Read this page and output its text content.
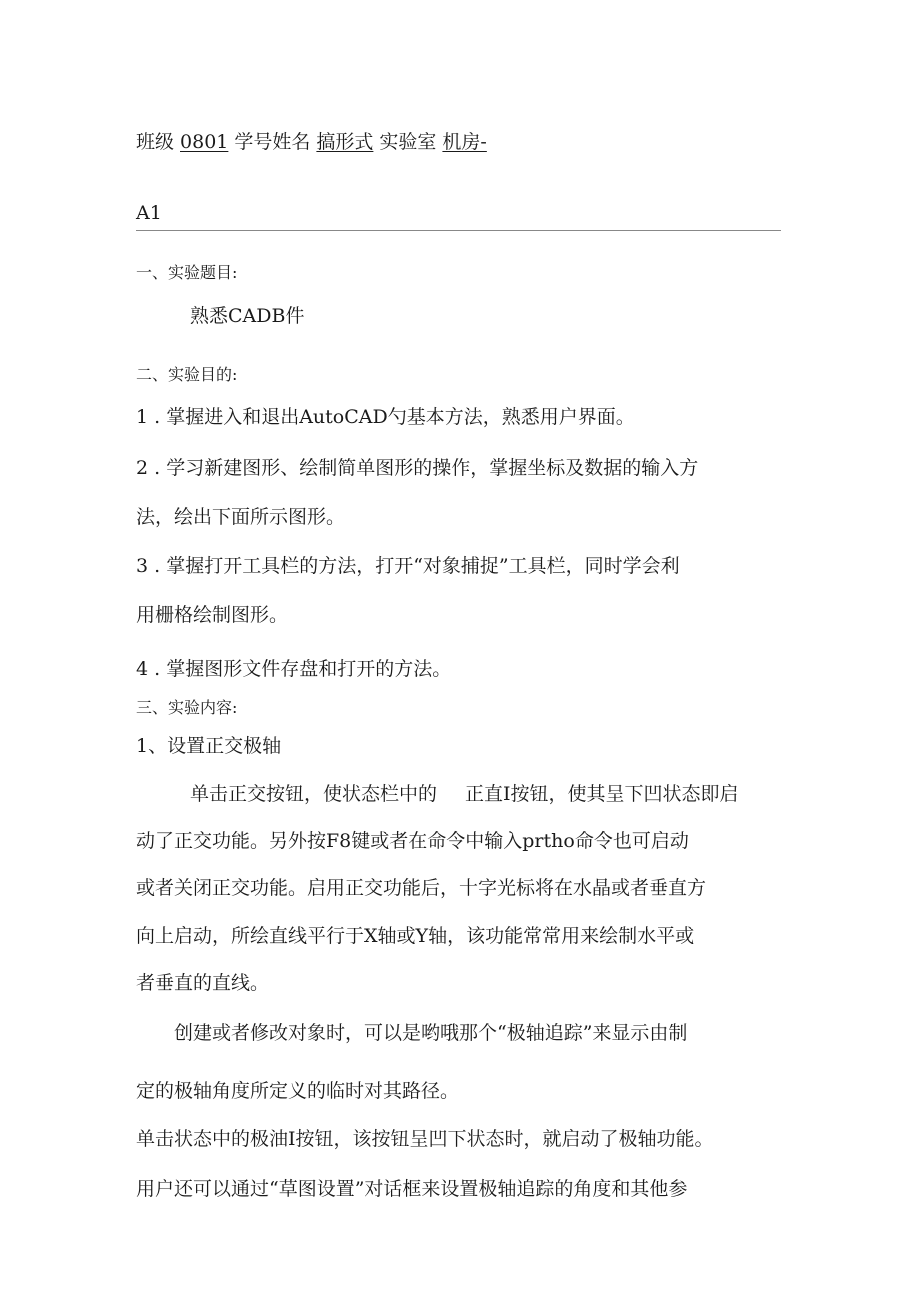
班级 0801 学号姓名 搞形式 实验室 机房-
A1
一、实验题目:
熟悉CADB件
二、实验目的:
1 . 掌握进入和退出AutoCAD勺基本方法，熟悉用户界面。
2 . 学习新建图形、绘制简单图形的操作，掌握坐标及数据的输入方
法，绘出下面所示图形。
3 . 掌握打开工具栏的方法，打开“对象捕捉”工具栏，同时学会利
用栅格绘制图形。
4 . 掌握图形文件存盘和打开的方法。
三、实验内容:
1、设置正交极轴
单击正交按钮，使状态栏中的 正直I按钮，使其呈下凹状态即启
动了正交功能。另外按F8键或者在命令中输入prtho命令也可启动
或者关闭正交功能。启用正交功能后，十字光标将在水晶或者垂直方
向上启动，所绘直线平行于X轴或Y轴，该功能常常用来绘制水平或
者垂直的直线。
创建或者修改对象时，可以是哟哦那个“极轴追踪”来显示由制
定的极轴角度所定义的临时对其路径。
单击状态中的极油I按钮，该按钮呈凹下状态时，就启动了极轴功能。
用户还可以通过“草图设置”对话框来设置极轴追踪的角度和其他参
